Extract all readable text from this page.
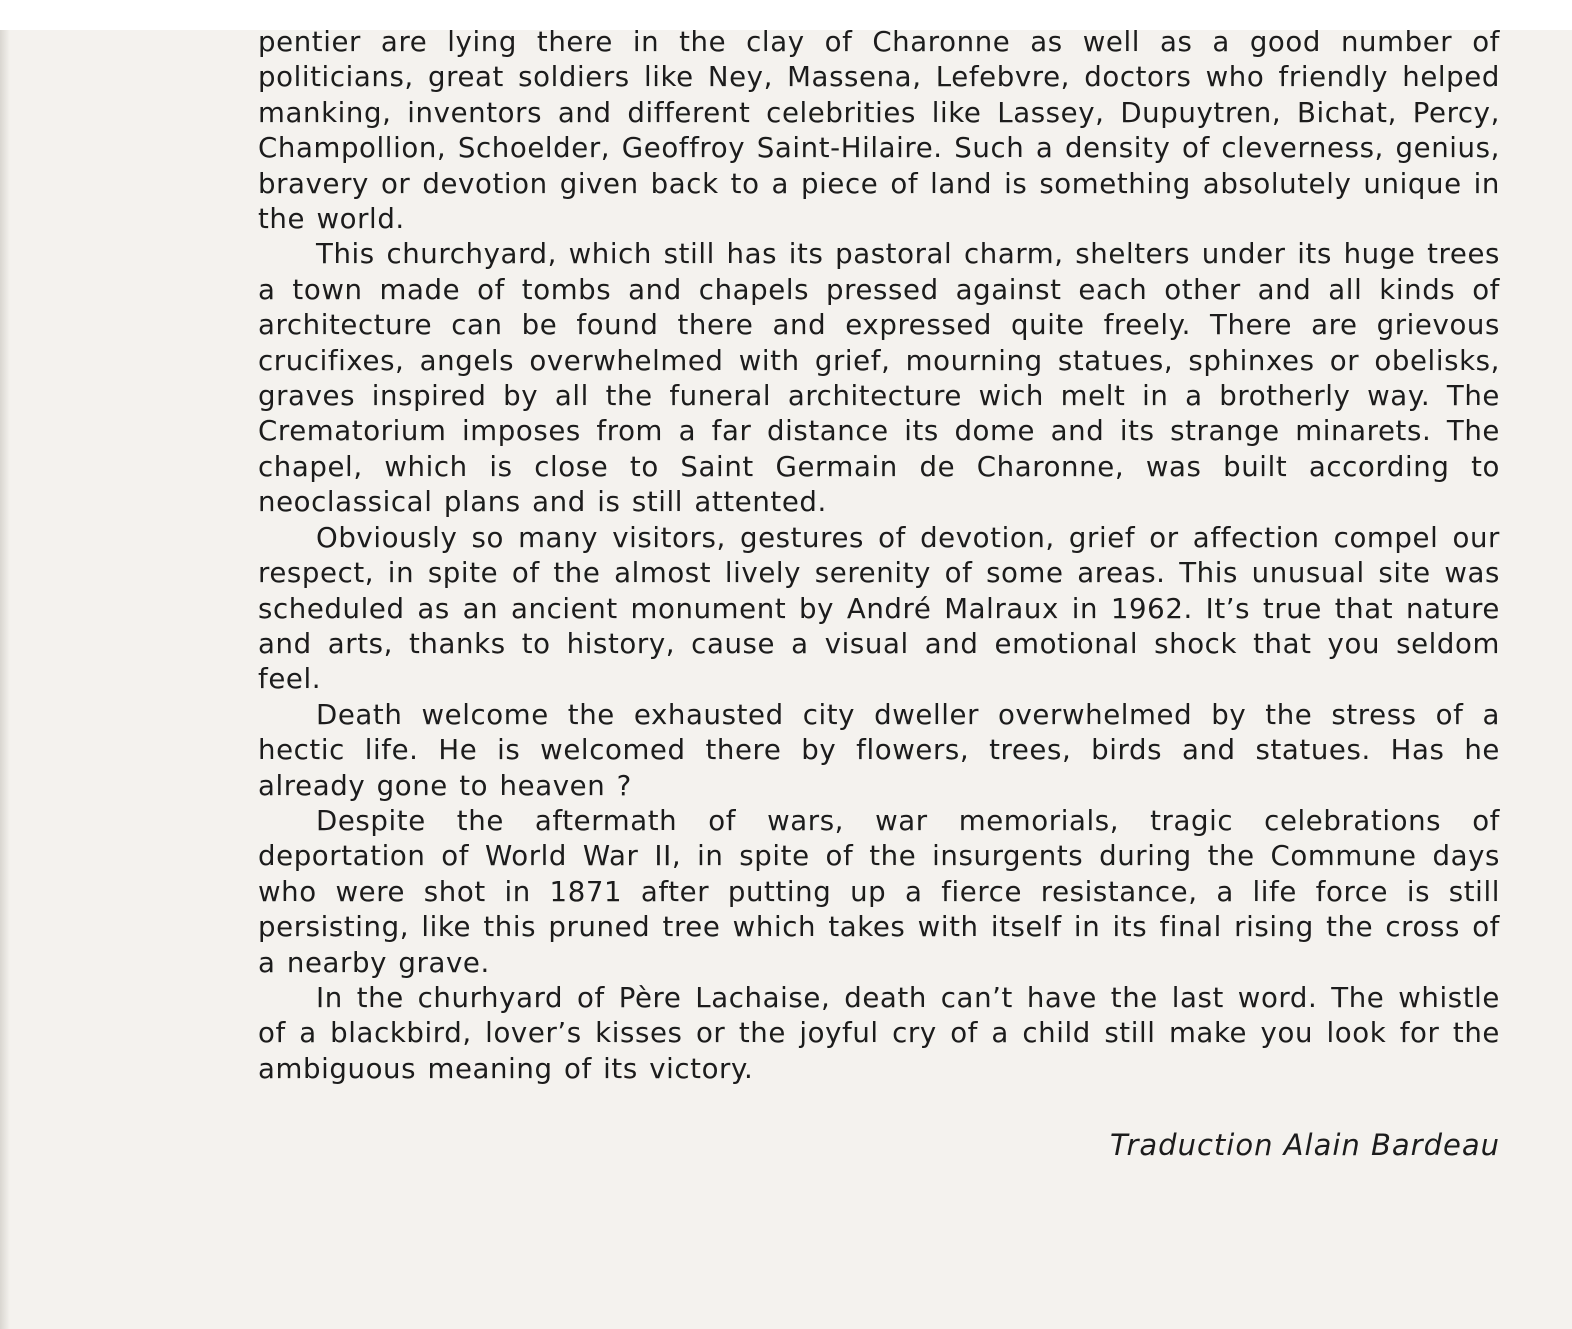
pentier are lying there in the clay of Charonne as well as a good number of politicians, great soldiers like Ney, Massena, Lefebvre, doctors who friendly helped manking, inventors and different celebrities like Lassey, Dupuytren, Bichat, Percy, Champollion, Schoelder, Geoffroy Saint-Hilaire. Such a density of cleverness, genius, bravery or devotion given back to a piece of land is something absolutely unique in the world.

This churchyard, which still has its pastoral charm, shelters under its huge trees a town made of tombs and chapels pressed against each other and all kinds of architecture can be found there and expressed quite freely. There are grievous crucifixes, angels overwhelmed with grief, mourning statues, sphinxes or obelisks, graves inspired by all the funeral architecture wich melt in a brotherly way. The Crematorium imposes from a far distance its dome and its strange minarets. The chapel, which is close to Saint Germain de Charonne, was built according to neoclassical plans and is still attented.

Obviously so many visitors, gestures of devotion, grief or affection compel our respect, in spite of the almost lively serenity of some areas. This unusual site was scheduled as an ancient monument by André Malraux in 1962. It’s true that nature and arts, thanks to history, cause a visual and emotional shock that you seldom feel.

Death welcome the exhausted city dweller overwhelmed by the stress of a hectic life. He is welcomed there by flowers, trees, birds and statues. Has he already gone to heaven ?

Despite the aftermath of wars, war memorials, tragic celebrations of deportation of World War II, in spite of the insurgents during the Commune days who were shot in 1871 after putting up a fierce resistance, a life force is still persisting, like this pruned tree which takes with itself in its final rising the cross of a nearby grave.

In the churhyard of Père Lachaise, death can’t have the last word. The whistle of a blackbird, lover’s kisses or the joyful cry of a child still make you look for the ambiguous meaning of its victory.

Traduction Alain Bardeau
